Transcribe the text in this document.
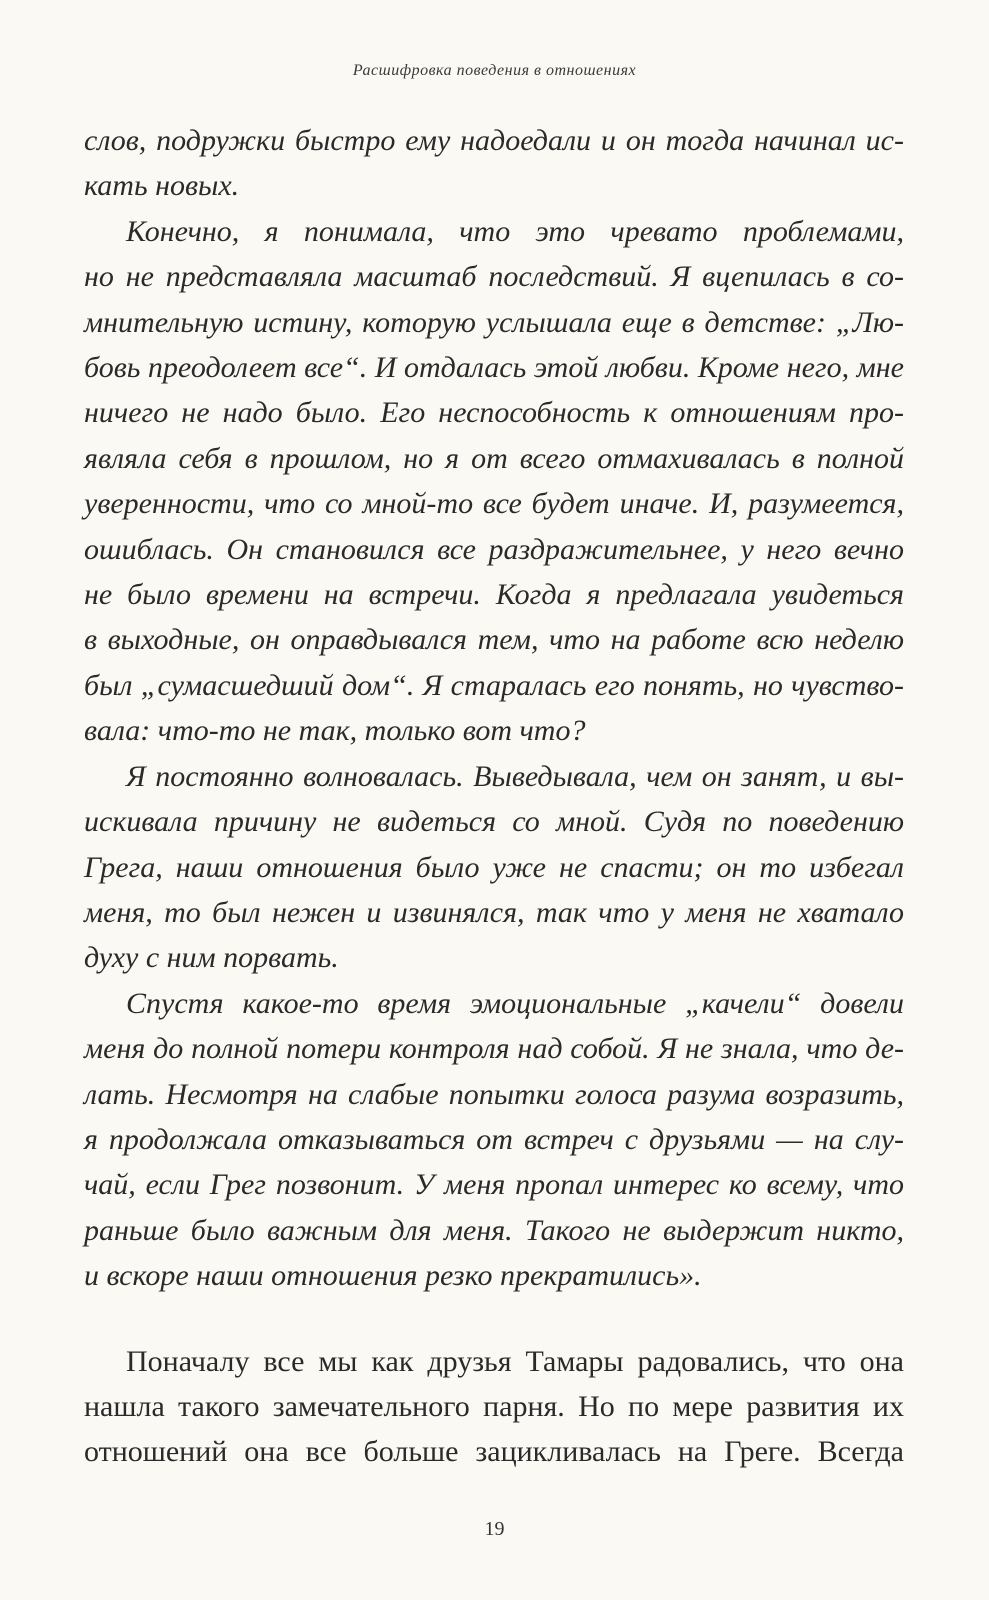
Расшифровка поведения в отношениях

слов, подружки быстро ему надоедали и он тогда начинал ис-
кать новых.

Конечно, я понимала, что это чревато проблемами,
но не представляла масштаб последствий. Я вцепилась в со-
мнительную истину, которую услышала еще в детстве: „Лю-
бовь преодолеет все“. И отдалась этой любви. Кроме него, мне
ничего не надо было. Его неспособность к отношениям про-
являла себя в прошлом, но я от всего отмахивалась в полной
уверенности, что со мной-то все будет иначе. И, разумеется,
ошиблась. Он становился все раздражительнее, у него вечно
не было времени на встречи. Когда я предлагала увидеться
в выходные, он оправдывался тем, что на работе всю неделю
был „сумасшедший дом“. Я старалась его понять, но чувство-
вала: что-то не так, только вот что?

Я постоянно волновалась. Выведывала, чем он занят, и вы-
искивала причину не видеться со мной. Судя по поведению
Грега, наши отношения было уже не спасти; он то избегал
меня, то был нежен и извинялся, так что у меня не хватало
духу с ним порвать.

Спустя какое-то время эмоциональные „качели“ довели
меня до полной потери контроля над собой. Я не знала, что де-
лать. Несмотря на слабые попытки голоса разума возразить,
я продолжала отказываться от встреч с друзьями — на слу-
чай, если Грег позвонит. У меня пропал интерес ко всему, что
раньше было важным для меня. Такого не выдержит никто,
и вскоре наши отношения резко прекратились».

Поначалу все мы как друзья Тамары радовались, что она
нашла такого замечательного парня. Но по мере развития их
отношений она все больше зацикливалась на Греге. Всегда

19
